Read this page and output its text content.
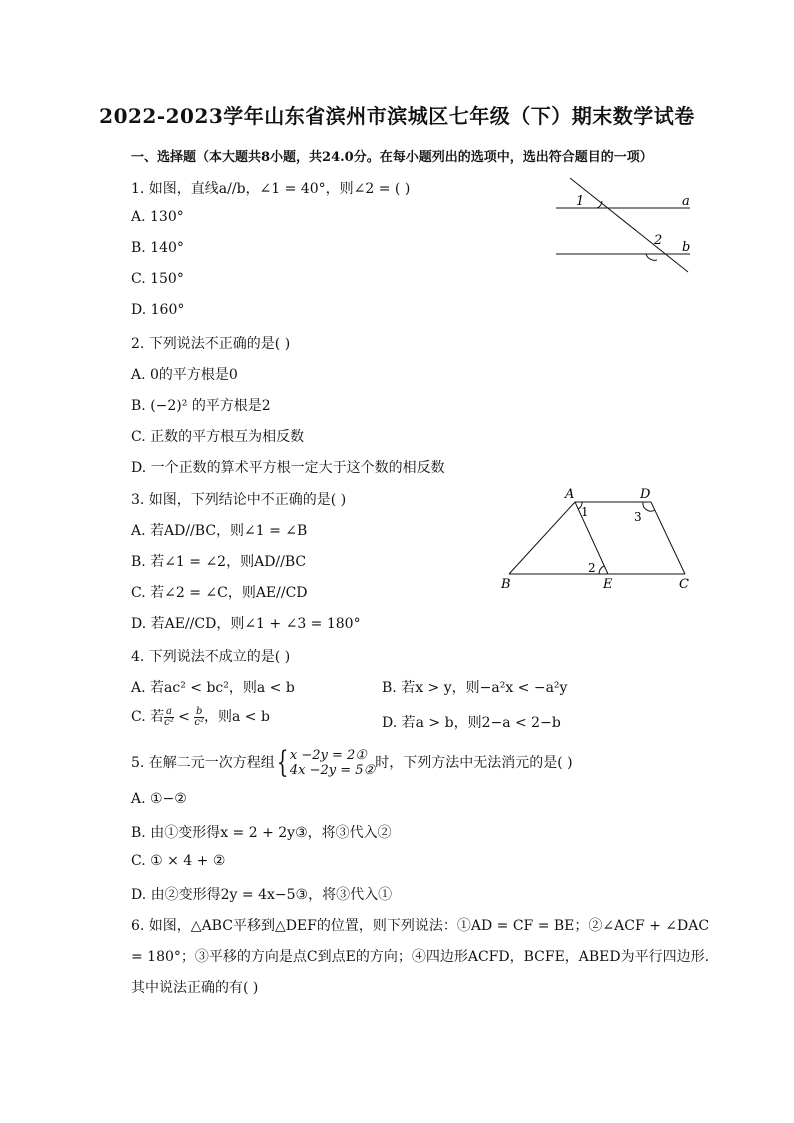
2022-2023学年山东省滨州市滨城区七年级（下）期末数学试卷
一、选择题（本大题共8小题，共24.0分。在每小题列出的选项中，选出符合题目的一项）
1. 如图，直线a//b，∠1 = 40°，则∠2 = ( )
A. 130°
B. 140°
C. 150°
D. 160°
1
2
a
b
2. 下列说法不正确的是( )
A. 0的平方根是0
B. (−2)² 的平方根是2
C. 正数的平方根互为相反数
D. 一个正数的算术平方根一定大于这个数的相反数
3. 如图，下列结论中不正确的是( )
A. 若AD//BC，则∠1 = ∠B
B. 若∠1 = ∠2，则AD//BC
C. 若∠2 = ∠C，则AE//CD
D. 若AE//CD，则∠1 + ∠3 = 180°
A	D
B	E	C
1
2
3
4. 下列说法不成立的是( )
A. 若ac² < bc²，则a < b	B. 若x > y，则−a²x < −a²y
C. 若 $\frac{a}{\text{c²}} < \frac{b}{\text{c²}}$ ，则a < b	D. 若a > b，则2−a < 2−b
5. 在解二元一次方程组{ x −2y = 2①
4x −2y = 5② 时，下列方法中无法消元的是( )
A. ①−②
B. 由①变形得x = 2 + 2y③，将③代入②
C. ① × 4 + ②
D. 由②变形得2y = 4x−5③，将③代入①
6. 如图，△ABC平移到△DEF的位置，则下列说法：①AD = CF = BE；②∠ACF + ∠DAC
= 180°；③平移的方向是点C到点E的方向；④四边形ACFD，BCFE，ABED为平行四边形.
其中说法正确的有( )
